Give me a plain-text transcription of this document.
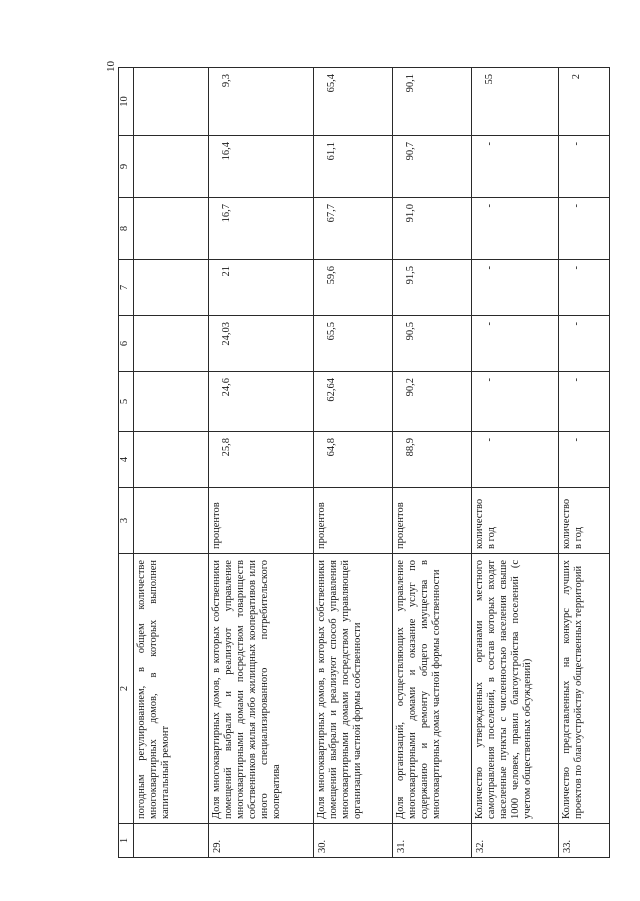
10
1	2	3	4	5	6	7	8	9	10
	погодным регулированием, в общем количестве многоквартирных домов, в которых выполнен капитальный ремонт								
29.	Доля многоквартирных домов, в которых собственники помещений выбрали и реализуют управление многоквартирными домами посредством товариществ собственников жилья либо жилищных кооперативов или иного специализированного потребительского кооператива	процентов	25,8	24,6	24,03	21	16,7	16,4	9,3
30.	Доля многоквартирных домов, в которых собственники помещений выбрали и реализуют способ управления многоквартирными домами посредством управляющей организации частной формы собственности	процентов	64,8	62,64	65,5	59,6	67,7	61,1	65,4
31.	Доля организаций, осуществляющих управление многоквартирными домами и оказание услуг по содержанию и ремонту общего имущества в многоквартирных домах частной формы собственности	процентов	88,9	90,2	90,5	91,5	91,0	90,7	90,1
32.	Количество утвержденных органами местного самоуправления поселений, в состав которых входят населенные пункты с численностью населения свыше 1000 человек, правил благоустройства поселений (с учетом общественных обсуждений)	количество в год	-	-	-	-	-	-	55
33.	Количество представленных на конкурс лучших проектов по благоустройству общественных территорий	количество в год	-	-	-	-	-	-	2
